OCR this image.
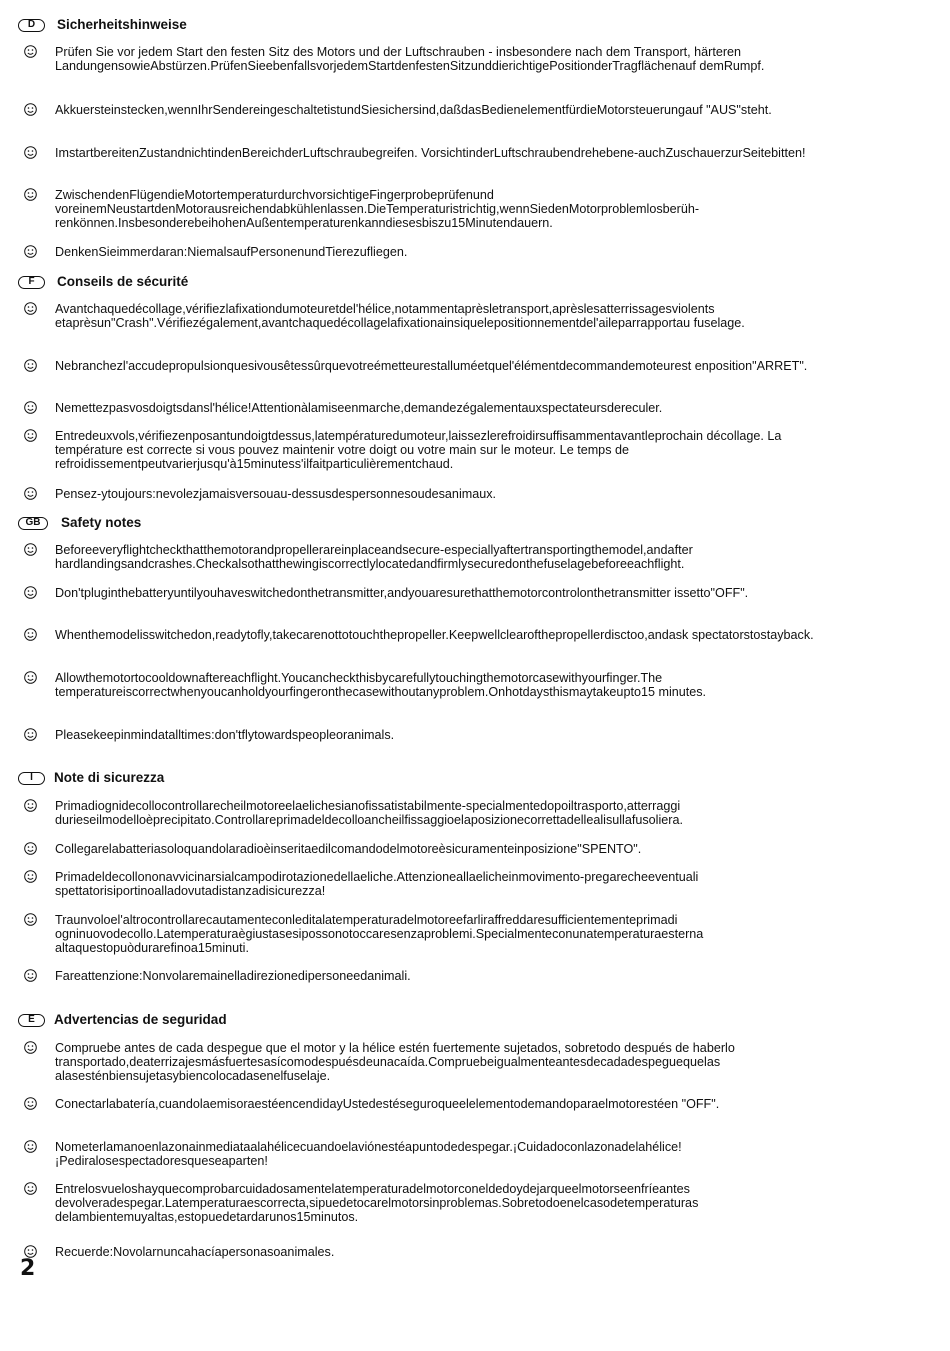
D	Sicherheitshinweise

Prüfen Sie vor jedem Start den festen Sitz des Motors und der Luftschrauben - insbesondere nach dem Transport, härteren LandungensowieAbstürzen.PrüfenSieebenfallsvorjedemStartdenfestenSitzunddierichtigePositionderTragflächenauf demRumpf.

Akkuersteinstecken,wennIhrSendereingeschaltetistundSiesichersind,daßdasBedienelementfürdieMotorsteuerungauf "AUS"steht.

ImstartbereitenZustandnichtindenBereichderLuftschraubegreifen. VorsichtinderLuftschraubendrehebene-auchZuschauerzurSeitebitten!

ZwischendenFlügendieMotortemperaturdurchvorsichtigeFingerprobeprüfenund voreinemNeustartdenMotorausreichendabkühlenlassen.DieTemperaturistrichtig,wennSiedenMotorproblemlosberüh-renkönnen.InsbesonderebeihohenAußentemperaturenkanndiesesbiszu15Minutendauern.

DenkenSieimmerdaran:NiemalsaufPersonenundTierezufliegen.

F	Conseils de sécurité

Avantchaquedécollage,vérifiezlafixationdumoteuretdel'hélice,notammentaprèsletransport,aprèslesatterrissagesviolents etaprèsun"Crash".Vérifiezégalement,avantchaquedécollagelafixationainsiquelepositionnementdel'aileparrapportau fuselage.

Nebranchezl'accudepropulsionquesivousêtessûrquevotreémetteurestalluméetquel'élémentdecommandemoteurest enposition"ARRET".

Nemettezpasvosdoigtsdansl'hélice!Attentionàlamiseenmarche,demandezégalementauxspectateursdereculer.

Entredeuxvols,vérifiezenposantundoigtdessus,latempératuredumoteur,laissezlerefroidirsuffisammentavantleprochain décollage. La température est correcte si vous pouvez maintenir votre doigt ou votre main sur le moteur. Le temps de refroidissementpeutvarierjusqu'à15minutess'ilfaitparticulièrementchaud.

Pensez-ytoujours:nevolezjamaisversouau-dessusdespersonnesoudesanimaux.

GB	Safety notes

Beforeeveryflightcheckthatthemotorandpropellerareinplaceandsecure-especiallyaftertransportingthemodel,andafter hardlandingsandcrashes.Checkalsothatthewingiscorrectlylocatedandfirmlysecuredonthefuselagebeforeeachflight.

Don'tpluginthebatteryuntilyouhaveswitchedonthetransmitter,andyouaresurethatthemotorcontrolonthetransmitter issetto"OFF".

Whenthemodelisswitchedon,readytofly,takecarenottotouchthepropeller.Keepwellclearofthepropellerdisctoo,andask spectatorstostayback.

Allowthemotortocooldownaftereachflight.Youcancheckthisbycarefullytouchingthemotorcasewithyourfinger.The temperatureiscorrectwhenyoucanholdyourfingeronthecasewithoutanyproblem.Onhotdaysthismaytakeupto15 minutes.

Pleasekeepinmindatalltimes:don'tflytowardspeopleoranimals.

I	Note di sicurezza

Primadiognidecollocontrollarecheilmotoreelaelichesianofissatistabilmente-specialmentedopoiltrasporto,atterraggi durieseilmodelloèprecipitato.Controllareprimadeldecolloancheilfissaggioelaposizionecorrettadellealisullafusoliera.

Collegarelabatteriasoloquandolaradioèinseritaedilcomandodelmotoreèsicuramenteinposizione"SPENTO".

Primadeldecollononavvicinarsialcampodirotazionedellaeliche.Attenzioneallaelicheinmovimento-pregarecheeventuali spettatorisiportinoalladovutadistanzadisicurezza!

Traunvoloel'altrocontrollarecautamenteconleditalatemperaturadelmotoreefarliraffreddaresufficientementeprimadi ogninuovodecollo.Latemperaturaègiustasesipossonotoccaresenzaproblemi.Specialmenteconunatemperaturaesterna altaquestopuòdurarefinoa15minuti.

Fareattenzione:Nonvolaremainelladirezionedipersoneedanimali.

E	Advertencias de seguridad

Compruebe antes de cada despegue que el motor y la hélice estén fuertemente sujetados, sobretodo después de haberlo transportado,deaterrizajesmásfuertesasícomodespuésdeunacaída.Compruebeigualmenteantesdecadadespeguequelas alasesténbiensujetasybiencolocadasenelfuselaje.

Conectarlabatería,cuandolaemisoraestéencendidayUstedestéseguroqueelelementodemandoparaelmotorestéen "OFF".

Nometerlamanoenlazonainmediataalahélicecuandoelaviónestéapuntodedespegar.¡Cuidadoconlazonadelahélice! ¡Pediralosespectadoresqueseaparten!

Entrelosvueloshayquecomprobarcuidadosamentelatemperaturadelmotorconeldedoydejarqueelmotorseenfríeantes devolveradespegar.Latemperaturaescorrecta,sipuedetocarelmotorsinproblemas.Sobretodoenelcasodetemperaturas delambientemuyaltas,estopuedetardarunos15minutos.

Recuerde:Novolarnuncahacíapersonasoanimales.

2
